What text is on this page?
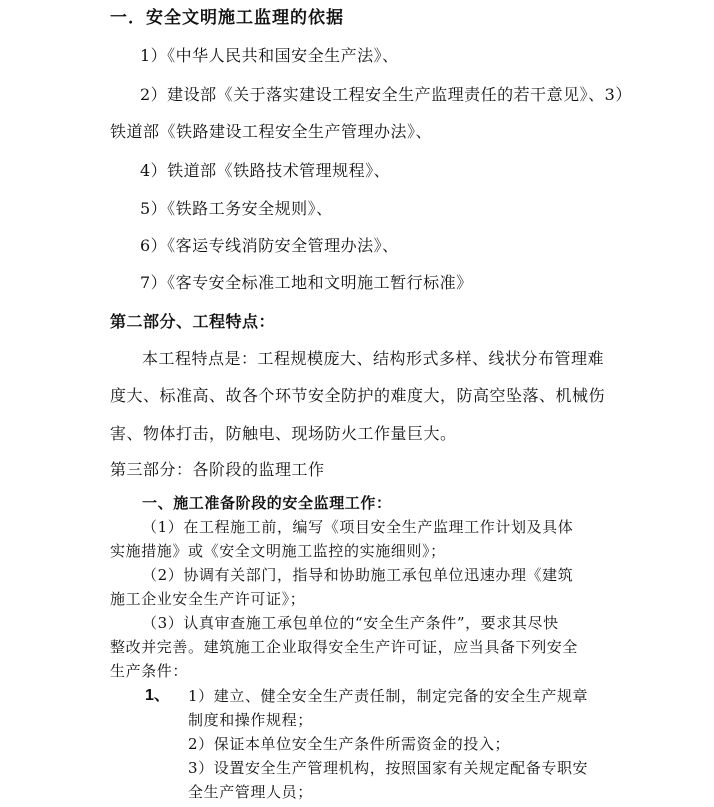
一．安全文明施工监理的依据
1）《中华人民共和国安全生产法》、
2）建设部《关于落实建设工程安全生产监理责任的若干意见》、3）
铁道部《铁路建设工程安全生产管理办法》、
4）铁道部《铁路技术管理规程》、
5）《铁路工务安全规则》、
6）《客运专线消防安全管理办法》、
7）《客专安全标准工地和文明施工暂行标准》
第二部分、工程特点：
本工程特点是：工程规模庞大、结构形式多样、线状分布管理难
度大、标准高、故各个环节安全防护的难度大，防高空坠落、机械伤
害、物体打击，防触电、现场防火工作量巨大。
第三部分：各阶段的监理工作
一、施工准备阶段的安全监理工作：
（1）在工程施工前，编写《项目安全生产监理工作计划及具体
实施措施》或《安全文明施工监控的实施细则》；
（2）协调有关部门，指导和协助施工承包单位迅速办理《建筑
施工企业安全生产许可证》；
（3）认真审查施工承包单位的“安全生产条件”，要求其尽快
整改并完善。建筑施工企业取得安全生产许可证，应当具备下列安全
生产条件：
1、 1）建立、健全安全生产责任制，制定完备的安全生产规章
制度和操作规程；
2）保证本单位安全生产条件所需资金的投入；
3）设置安全生产管理机构，按照国家有关规定配备专职安
全生产管理人员；
